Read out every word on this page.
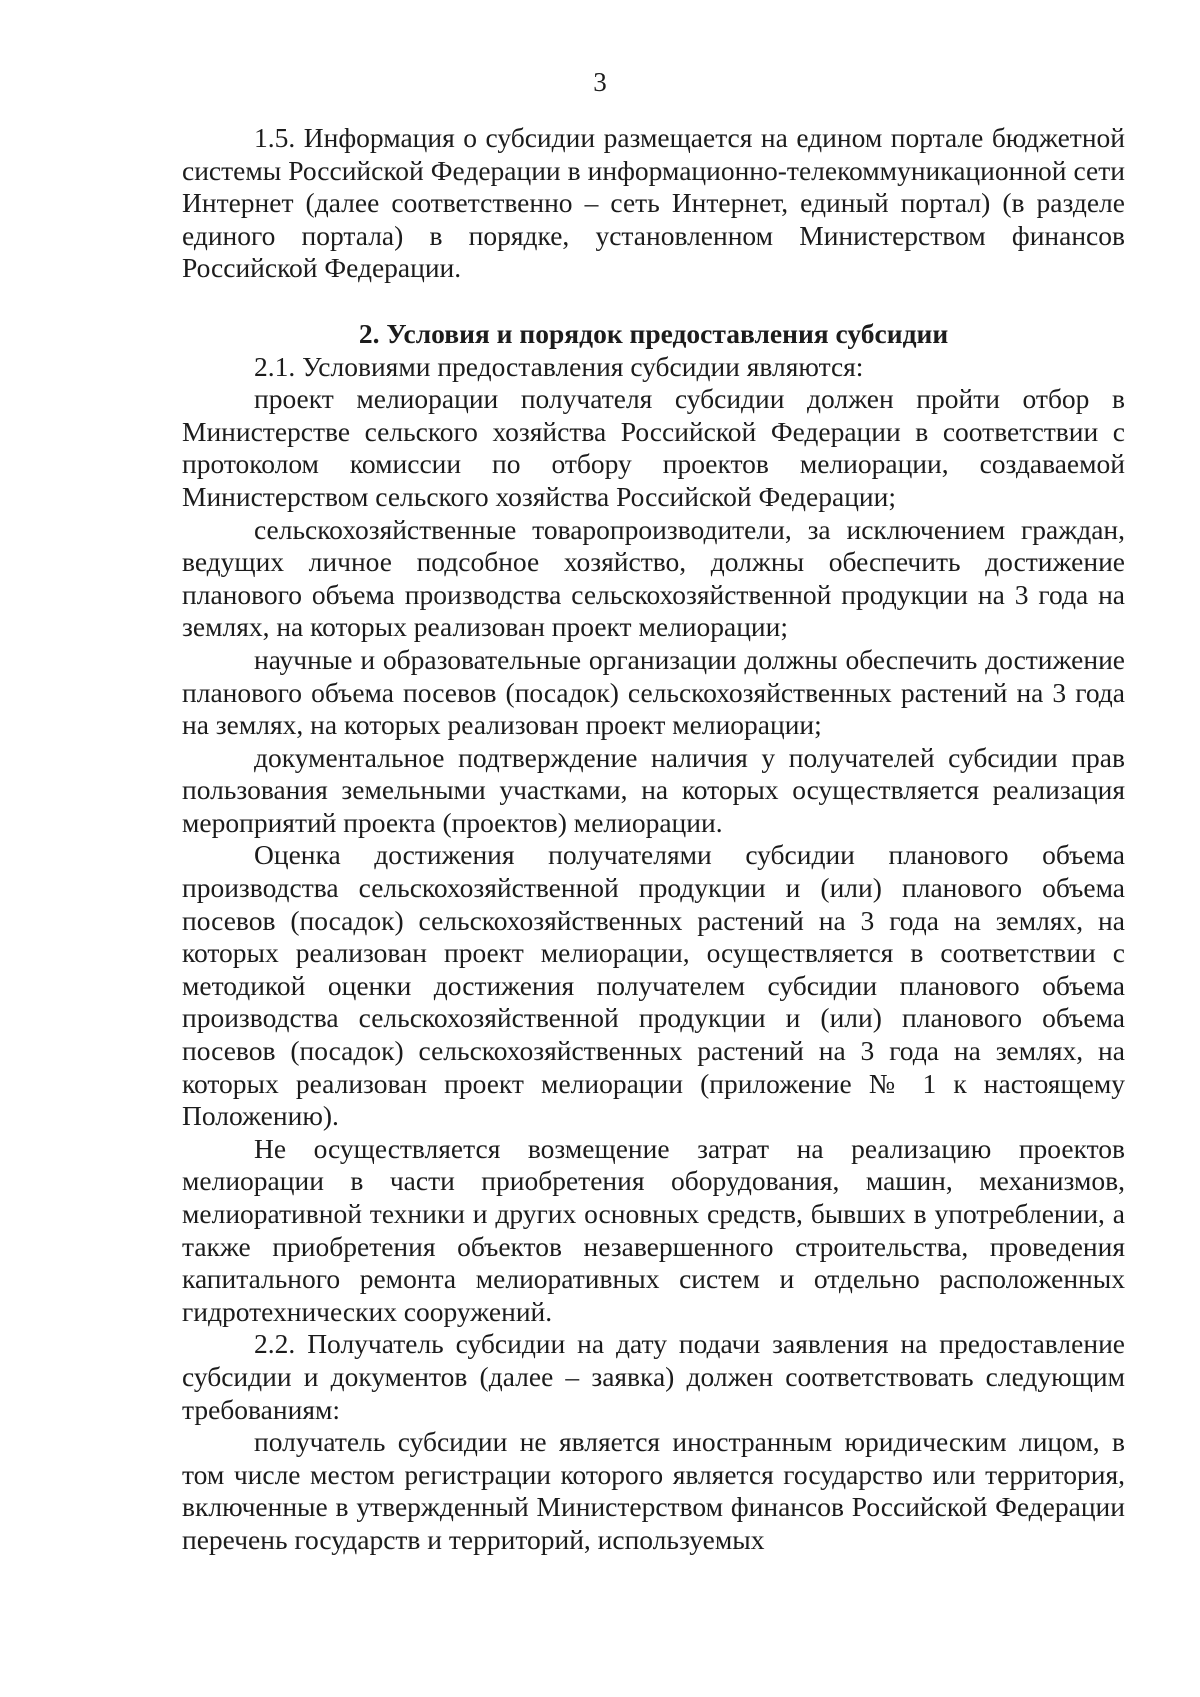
3

1.5. Информация о субсидии размещается на едином портале бюджетной системы Российской Федерации в информационно-телекоммуникационной сети Интернет (далее соответственно – сеть Интернет, единый портал) (в разделе единого портала) в порядке, установленном Министерством финансов Российской Федерации.

2. Условия и порядок предоставления субсидии

2.1. Условиями предоставления субсидии являются:

проект мелиорации получателя субсидии должен пройти отбор в Министерстве сельского хозяйства Российской Федерации в соответствии с протоколом комиссии по отбору проектов мелиорации, создаваемой Министерством сельского хозяйства Российской Федерации;

сельскохозяйственные товаропроизводители, за исключением граждан, ведущих личное подсобное хозяйство, должны обеспечить достижение планового объема производства сельскохозяйственной продукции на 3 года на землях, на которых реализован проект мелиорации;

научные и образовательные организации должны обеспечить достижение планового объема посевов (посадок) сельскохозяйственных растений на 3 года на землях, на которых реализован проект мелиорации;

документальное подтверждение наличия у получателей субсидии прав пользования земельными участками, на которых осуществляется реализация мероприятий проекта (проектов) мелиорации.

Оценка достижения получателями субсидии планового объема производства сельскохозяйственной продукции и (или) планового объема посевов (посадок) сельскохозяйственных растений на 3 года на землях, на которых реализован проект мелиорации, осуществляется в соответствии с методикой оценки достижения получателем субсидии планового объема производства сельскохозяйственной продукции и (или) планового объема посевов (посадок) сельскохозяйственных растений на 3 года на землях, на которых реализован проект мелиорации (приложение № 1 к настоящему Положению).

Не осуществляется возмещение затрат на реализацию проектов мелиорации в части приобретения оборудования, машин, механизмов, мелиоративной техники и других основных средств, бывших в употреблении, а также приобретения объектов незавершенного строительства, проведения капитального ремонта мелиоративных систем и отдельно расположенных гидротехнических сооружений.

2.2. Получатель субсидии на дату подачи заявления на предоставление субсидии и документов (далее – заявка) должен соответствовать следующим требованиям:

получатель субсидии не является иностранным юридическим лицом, в том числе местом регистрации которого является государство или территория, включенные в утвержденный Министерством финансов Российской Федерации перечень государств и территорий, используемых
